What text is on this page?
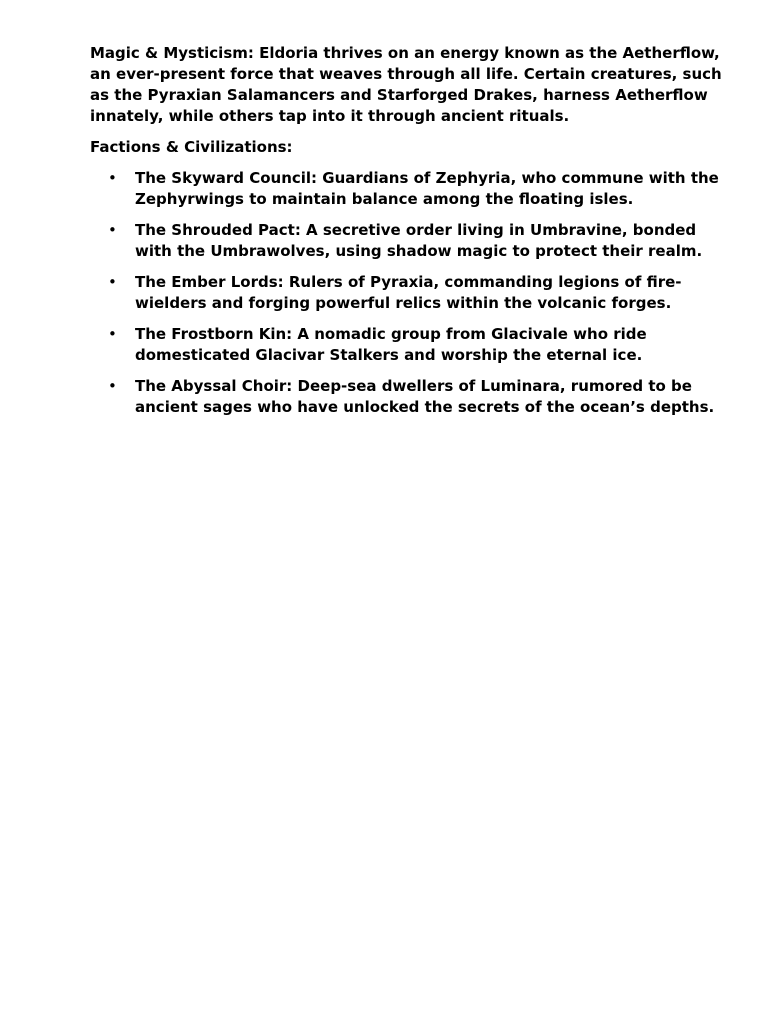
Magic & Mysticism: Eldoria thrives on an energy known as the Aetherflow, an ever-present force that weaves through all life. Certain creatures, such as the Pyraxian Salamancers and Starforged Drakes, harness Aetherflow innately, while others tap into it through ancient rituals.

Factions & Civilizations:

• The Skyward Council: Guardians of Zephyria, who commune with the Zephyrwings to maintain balance among the floating isles.
• The Shrouded Pact: A secretive order living in Umbravine, bonded with the Umbrawolves, using shadow magic to protect their realm.
• The Ember Lords: Rulers of Pyraxia, commanding legions of fire-wielders and forging powerful relics within the volcanic forges.
• The Frostborn Kin: A nomadic group from Glacivale who ride domesticated Glacivar Stalkers and worship the eternal ice.
• The Abyssal Choir: Deep-sea dwellers of Luminara, rumored to be ancient sages who have unlocked the secrets of the ocean’s depths.
